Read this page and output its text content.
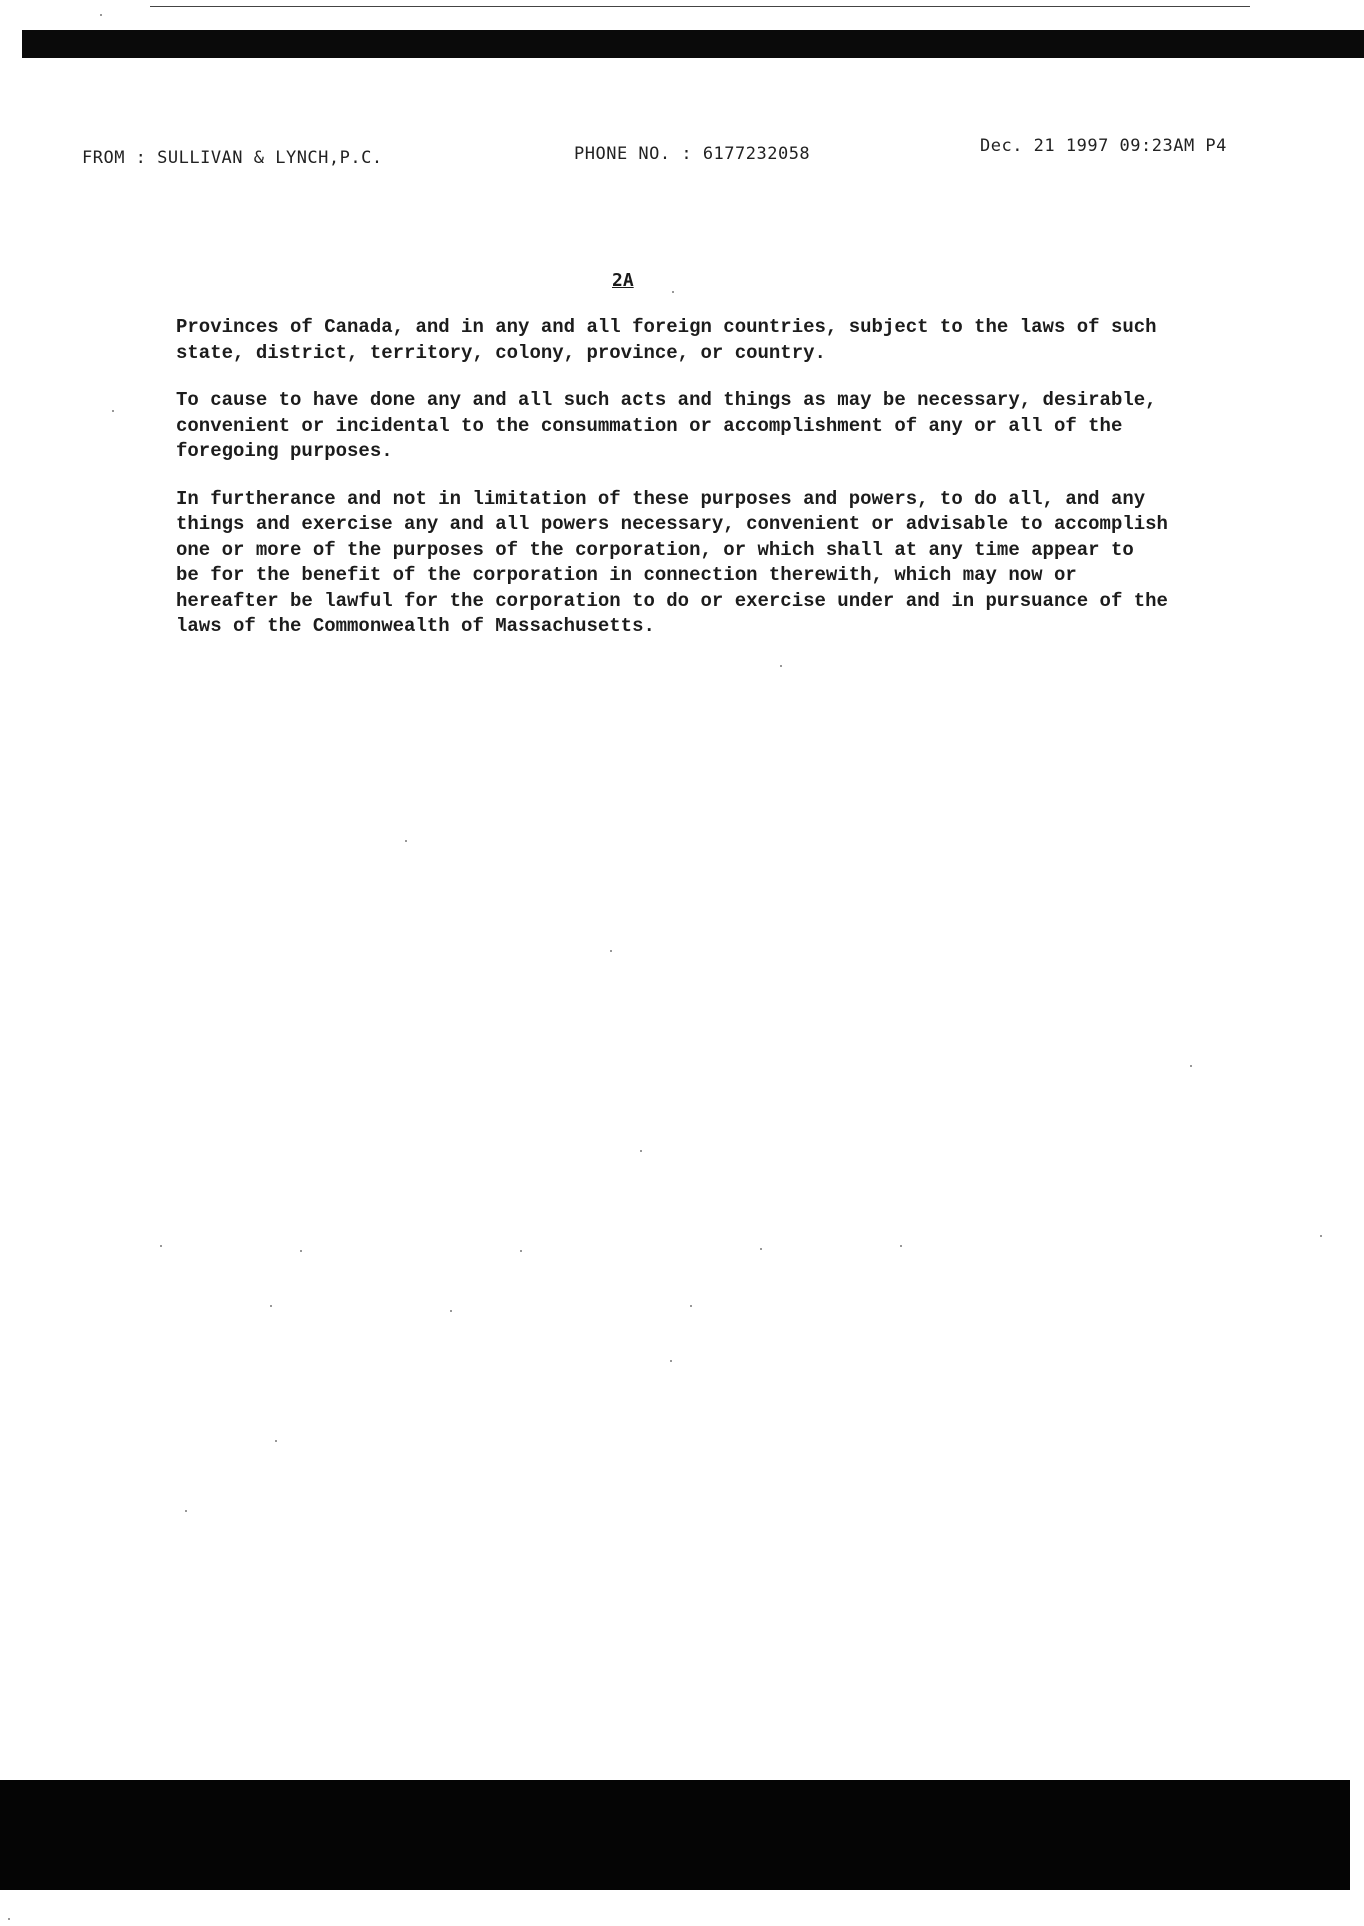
FROM : SULLIVAN & LYNCH,P.C.	PHONE NO. : 6177232058	Dec. 21 1997 09:23AM P4
2A

Provinces of Canada, and in any and all foreign countries, subject to the laws of such
state, district, territory, colony, province, or country.

To cause to have done any and all such acts and things as may be necessary, desirable,
convenient or incidental to the consummation or accomplishment of any or all of the
foregoing purposes.

In furtherance and not in limitation of these purposes and powers, to do all, and any
things and exercise any and all powers necessary, convenient or advisable to accomplish
one or more of the purposes of the corporation, or which shall at any time appear to
be for the benefit of the corporation in connection therewith, which may now or
hereafter be lawful for the corporation to do or exercise under and in pursuance of the
laws of the Commonwealth of Massachusetts.
